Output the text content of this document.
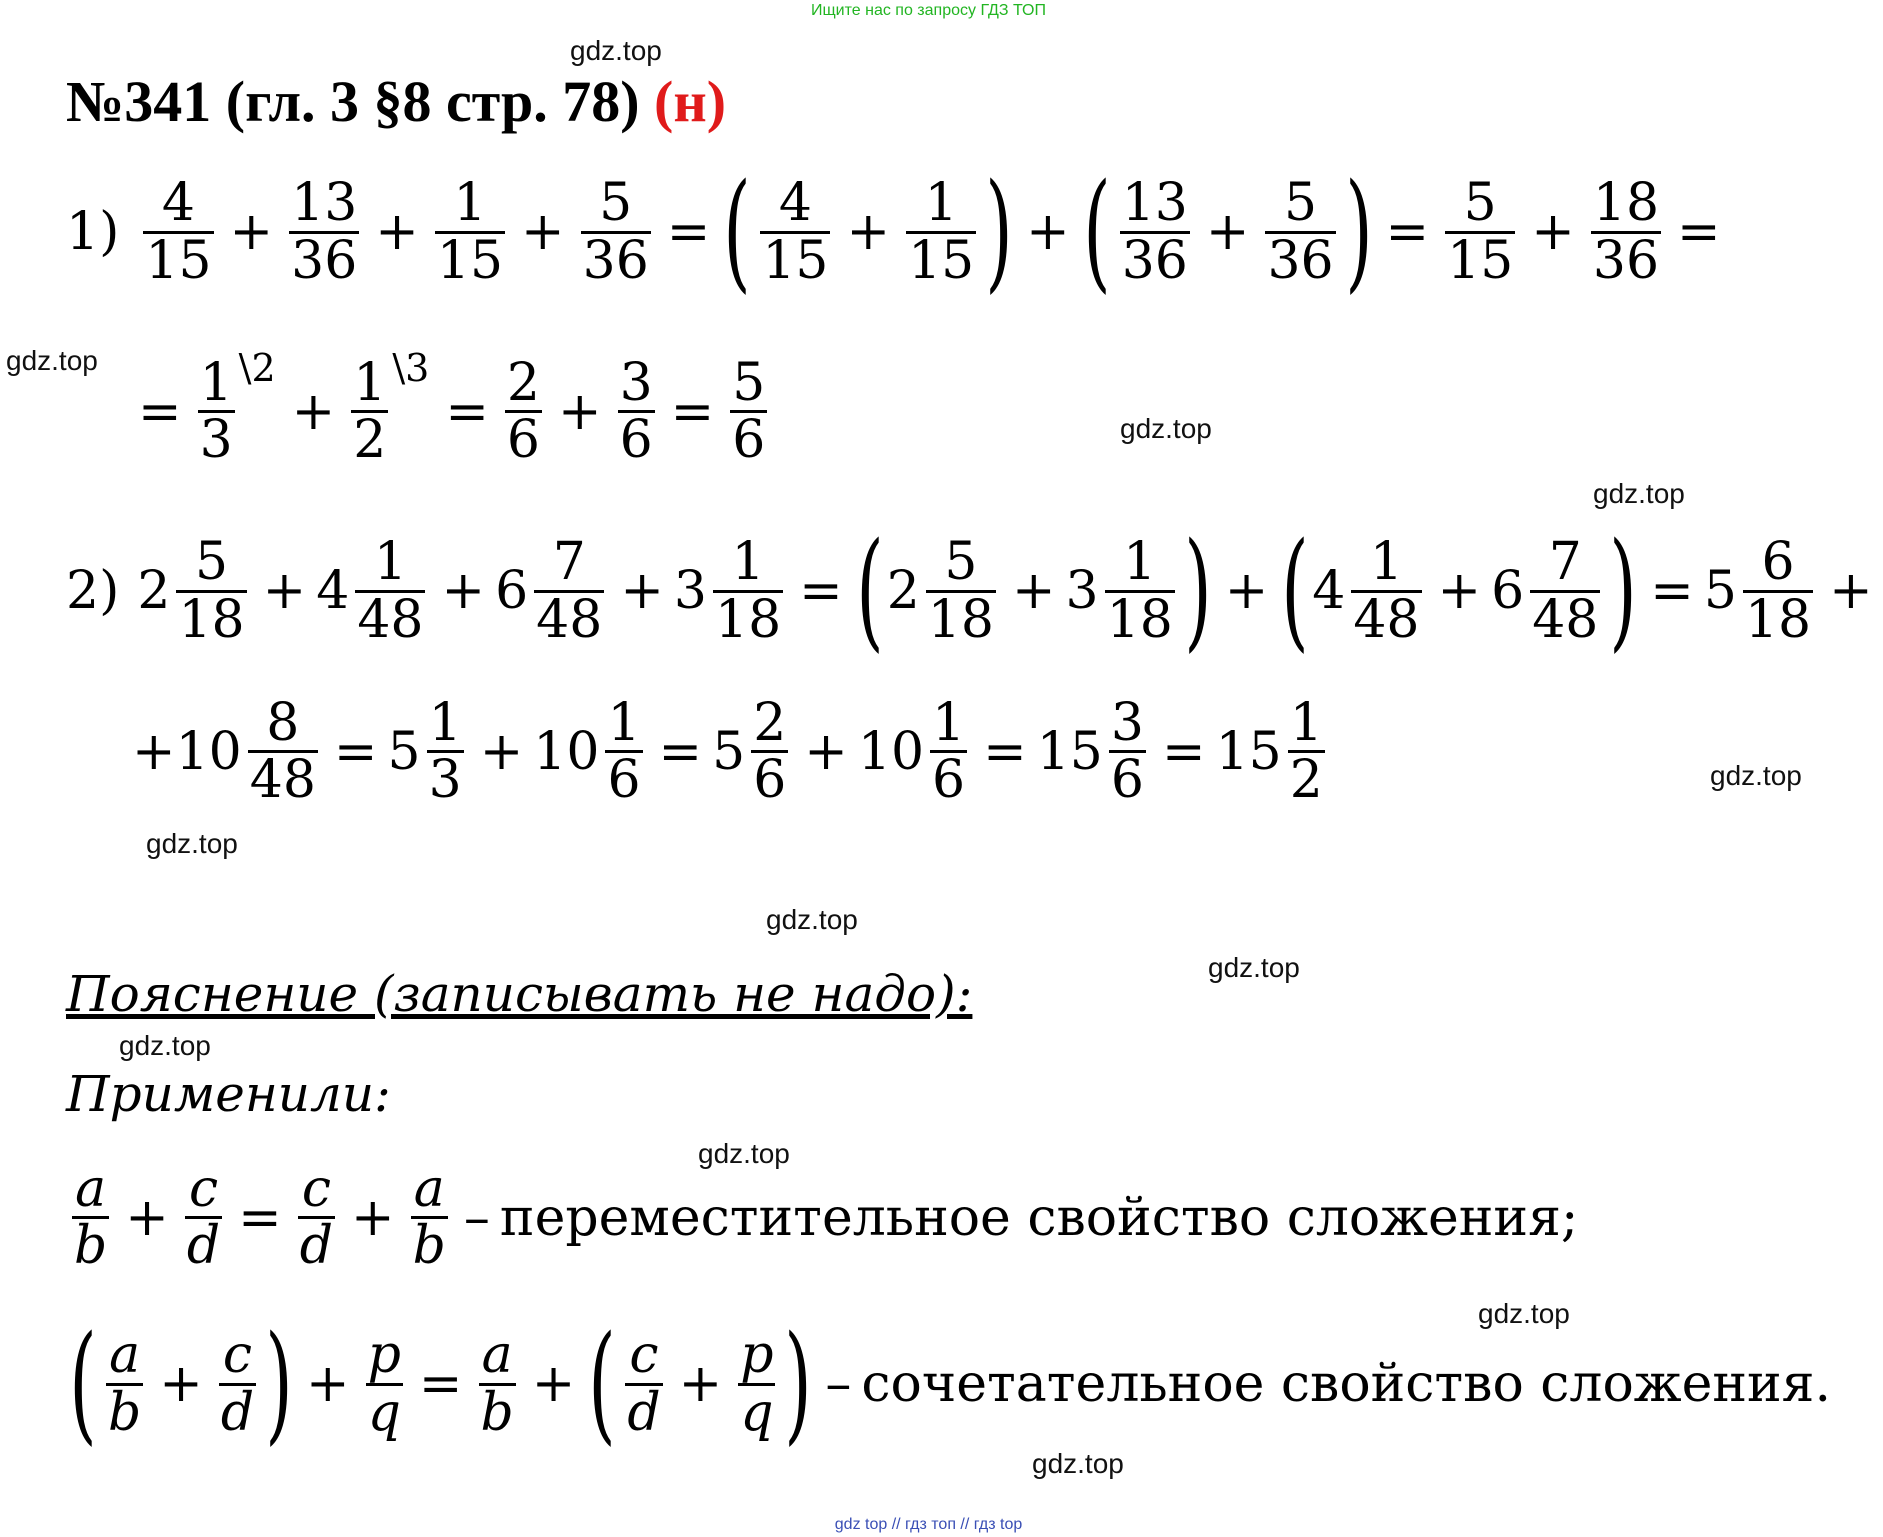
Ищите нас по запросу ГДЗ ТОП
gdz.top
gdz.top
gdz.top
gdz.top
gdz.top
gdz.top
gdz.top
gdz.top
gdz.top
gdz.top
gdz.top
gdz.top
№341 (гл. 3 §8 стр. 78) (н)
$1) \frac{4}{15} + \frac{13}{36} + \frac{1}{15} + \frac{5}{36}$ = ( $\frac{4}{15} + \frac{1}{15}$ ) + ( $\frac{13}{36} + \frac{5}{36}$ ) = $\frac{5}{15} + \frac{18}{36}$ =
= $\frac{1}{3}$ \2
+ $\frac{1}{2}$ \3
= $\frac{2}{6} + \frac{3}{6} = \frac{5}{6}$
2) $2 \frac{5}{18} + 4 \frac{1}{48} + 6 \frac{7}{48} + 3 \frac{1}{18}$ = ( $2 \frac{5}{18} + 3 \frac{1}{18}$ ) + ( $4 \frac{1}{48} + 6 \frac{7}{48}$ ) = $5 \frac{6}{18}$ +
$+10 \frac{8}{48} = 5 \frac{1}{3} + 10 \frac{1}{6} = 5 \frac{2}{6} + 10 \frac{1}{6} = 15 \frac{3}{6} = 15 \frac{1}{2}$
Пояснение (записывать не надо):
Применили:
$\frac{a}{b} + \frac{c}{d} = \frac{c}{d} + \frac{a}{b}$ – переместительное свойство сложения;
( $\frac{a}{b} + \frac{c}{d}$ ) + $\frac{p}{q} = \frac{a}{b}$ + ( $\frac{c}{d} + \frac{p}{q}$ ) – сочетательное свойство сложения.
gdz top // гдз топ // гдз top
